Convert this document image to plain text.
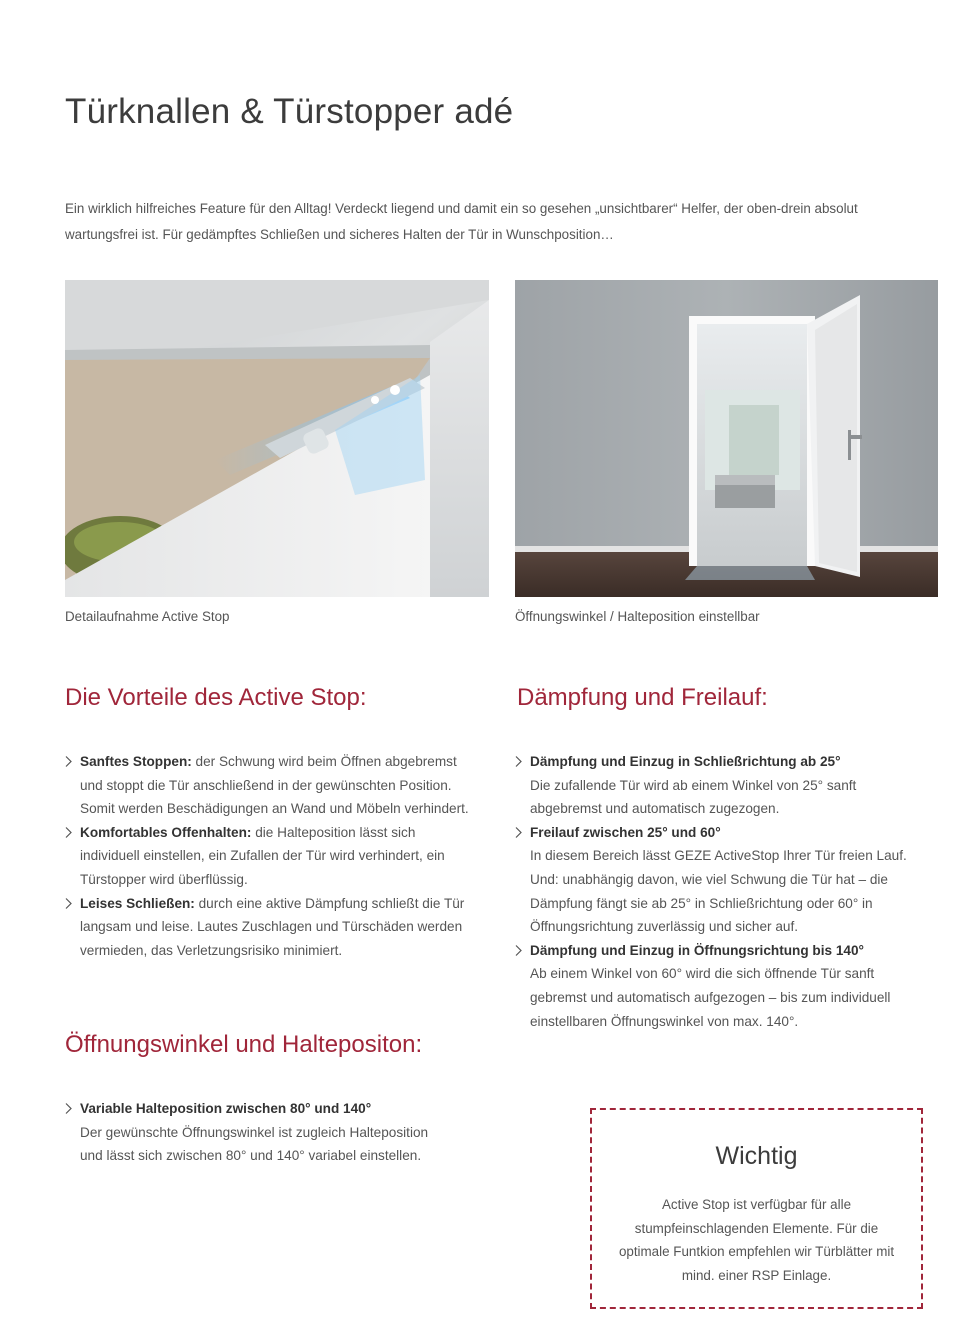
Türknallen & Türstopper adé

Ein wirklich hilfreiches Feature für den Alltag! Verdeckt liegend und damit ein so gesehen „unsichtbarer“ Helfer, der oben-drein absolut wartungsfrei ist. Für gedämpftes Schließen und sicheres Halten der Tür in Wunschposition…

Detailaufnahme Active Stop	Öffnungswinkel / Halteposition einstellbar
Die Vorteile des Active Stop:
Sanftes Stoppen: der Schwung wird beim Öffnen abgebremst und stoppt die Tür anschließend in der gewünschten Position. Somit werden Beschädigungen an Wand und Möbeln verhindert.
Komfortables Offenhalten: die Halteposition lässt sich individuell einstellen, ein Zufallen der Tür wird verhindert, ein Türstopper wird überflüssig.
Leises Schließen: durch eine aktive Dämpfung schließt die Tür langsam und leise. Lautes Zuschlagen und Türschäden werden vermieden, das Verletzungsrisiko minimiert.
Öffnungswinkel und Haltepositon:
Variable Halteposition zwischen 80° und 140°
Der gewünschte Öffnungswinkel ist zugleich Halteposition und lässt sich zwischen 80° und 140° variabel einstellen.
Dämpfung und Freilauf:
Dämpfung und Einzug in Schließrichtung ab 25°
Die zufallende Tür wird ab einem Winkel von 25° sanft abgebremst und automatisch zugezogen.
Freilauf zwischen 25° und 60°
In diesem Bereich lässt GEZE ActiveStop Ihrer Tür freien Lauf. Und: unabhängig davon, wie viel Schwung die Tür hat – die Dämpfung fängt sie ab 25° in Schließrichtung oder 60° in Öffnungsrichtung zuverlässig und sicher auf.
Dämpfung und Einzug in Öffnungsrichtung bis 140°
Ab einem Winkel von 60° wird die sich öffnende Tür sanft gebremst und automatisch aufgezogen – bis zum individuell einstellbaren Öffnungswinkel von max. 140°.
Wichtig
Active Stop ist verfügbar für alle stumpfeinschlagenden Elemente. Für die optimale Funtkion empfehlen wir Türblätter mit mind. einer RSP Einlage.
